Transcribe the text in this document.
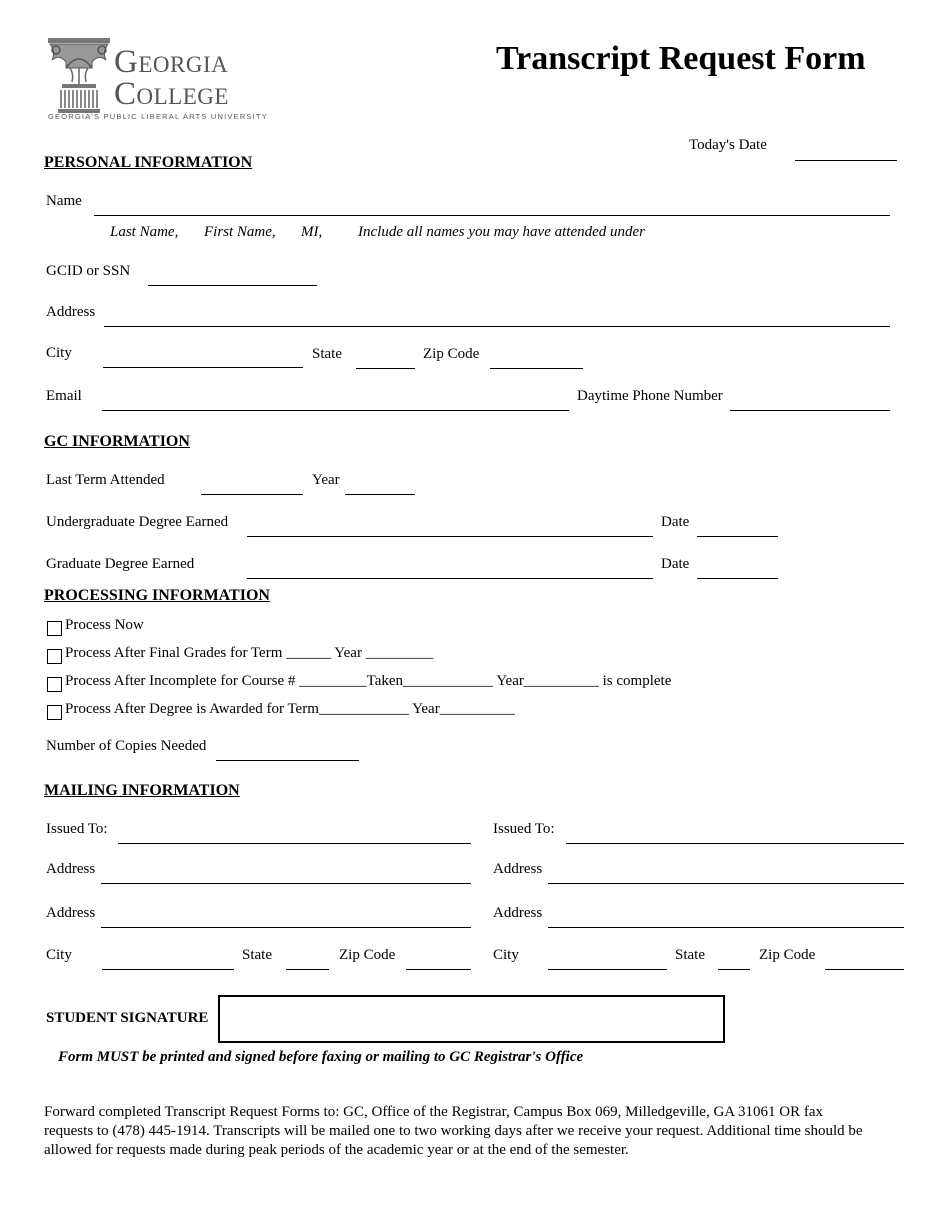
Georgia
College
GEORGIA'S PUBLIC LIBERAL ARTS UNIVERSITY
Transcript Request Form
Today's Date
PERSONAL INFORMATION
Name
Last Name, First Name, MI, Include all names you may have attended under
GCID or SSN
Address
City	State	Zip Code
Email	Daytime Phone Number
GC INFORMATION
Last Term Attended	Year
Undergraduate Degree Earned	Date
Graduate Degree Earned	Date
PROCESSING INFORMATION
Process Now
Process After Final Grades for Term ______ Year _________
Process After Incomplete for Course # _________Taken____________ Year__________ is complete
Process After Degree is Awarded for Term____________ Year__________
Number of Copies Needed
MAILING INFORMATION
Issued To:
Address
Address
City	State	Zip Code
Issued To:
Address
Address
City	State	Zip Code
STUDENT SIGNATURE
Form MUST be printed and signed before faxing or mailing to GC Registrar's Office
Forward completed Transcript Request Forms to: GC, Office of the Registrar, Campus Box 069, Milledgeville, GA 31061 OR fax
requests to (478) 445-1914. Transcripts will be mailed one to two working days after we receive your request. Additional time should be
allowed for requests made during peak periods of the academic year or at the end of the semester.
